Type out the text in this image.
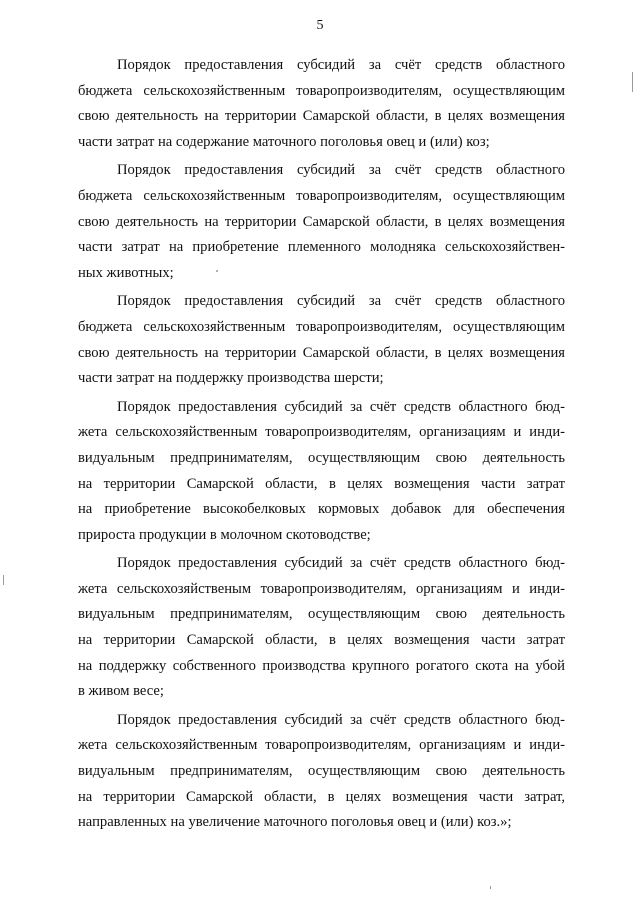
5

Порядок предоставления субсидий за счёт средств областного
бюджета сельскохозяйственным товаропроизводителям, осуществляющим
свою деятельность на территории Самарской области, в целях возмещения
части затрат на содержание маточного поголовья овец и (или) коз;

Порядок предоставления субсидий за счёт средств областного
бюджета сельскохозяйственным товаропроизводителям, осуществляющим
свою деятельность на территории Самарской области, в целях возмещения
части затрат на приобретение племенного молодняка сельскохозяйствен-
ных животных;

Порядок предоставления субсидий за счёт средств областного
бюджета сельскохозяйственным товаропроизводителям, осуществляющим
свою деятельность на территории Самарской области, в целях возмещения
части затрат на поддержку производства шерсти;

Порядок предоставления субсидий за счёт средств областного бюд-
жета сельскохозяйственным товаропроизводителям, организациям и инди-
видуальным предпринимателям, осуществляющим свою деятельность
на территории Самарской области, в целях возмещения части затрат
на приобретение высокобелковых кормовых добавок для обеспечения
прироста продукции в молочном скотоводстве;

Порядок предоставления субсидий за счёт средств областного бюд-
жета сельскохозяйственым товаропроизводителям, организациям и инди-
видуальным предпринимателям, осуществляющим свою деятельность
на территории Самарской области, в целях возмещения части затрат
на поддержку собственного производства крупного рогатого скота на убой
в живом весе;

Порядок предоставления субсидий за счёт средств областного бюд-
жета сельскохозяйственным товаропроизводителям, организациям и инди-
видуальным предпринимателям, осуществляющим свою деятельность
на территории Самарской области, в целях возмещения части затрат,
направленных на увеличение маточного поголовья овец и (или) коз.»;
